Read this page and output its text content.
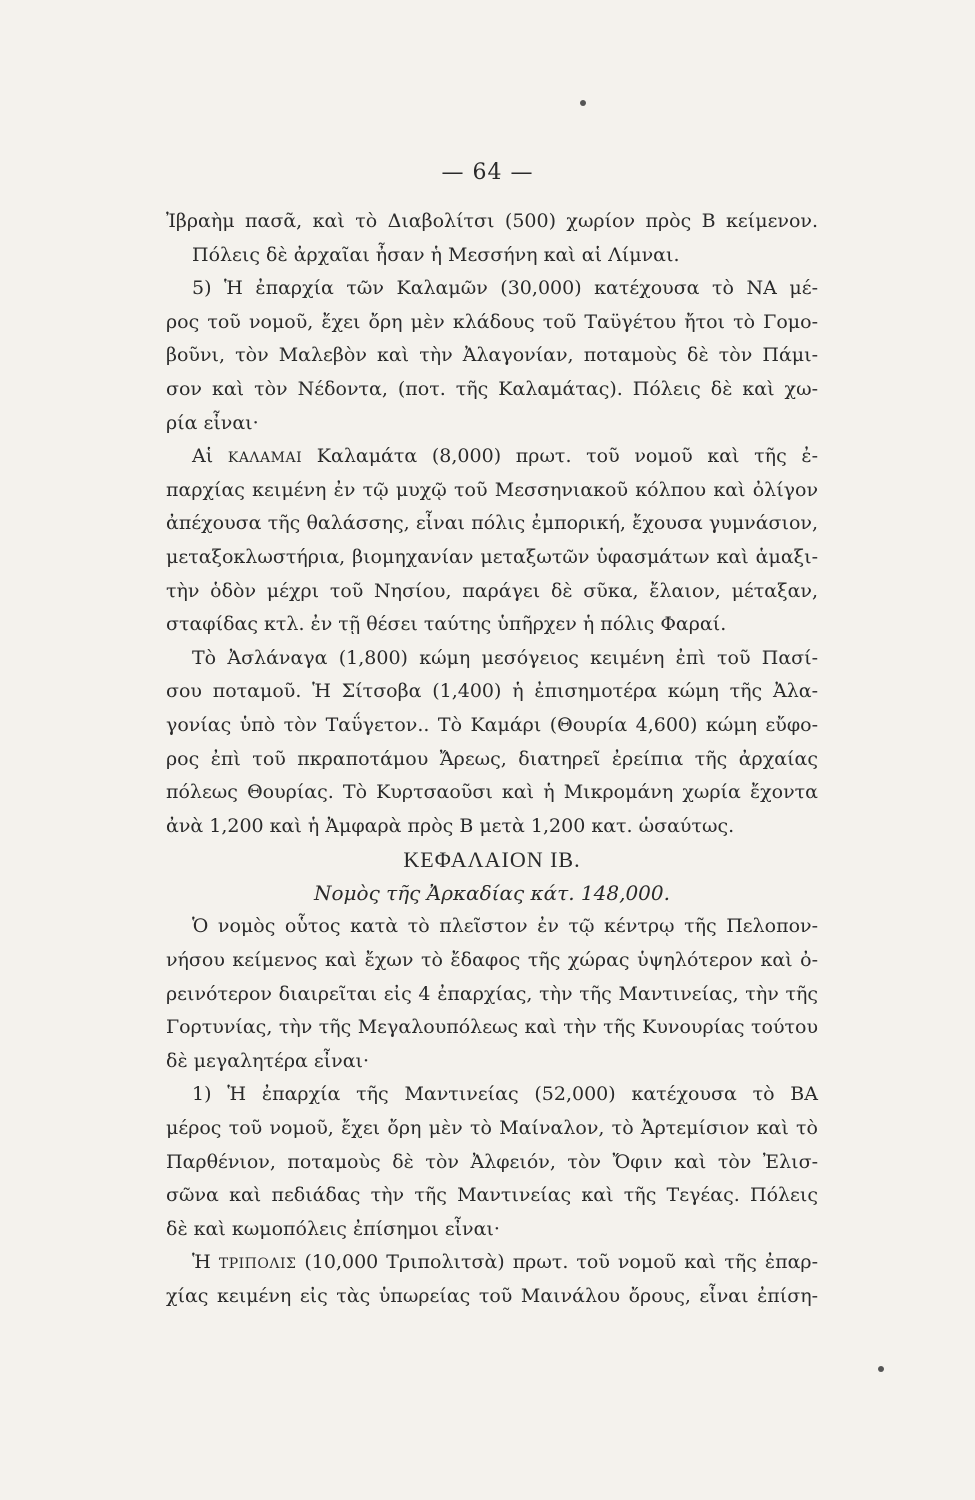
— 64 —
Ἰβραὴμ πασᾶ, καὶ τὸ Διαβολίτσι (500) χωρίον πρὸς Β κείμενον.
Πόλεις δὲ ἀρχαῖαι ἦσαν ἡ Μεσσήνη καὶ αἱ Λίμναι.
5) Ἡ ἐπαρχία τῶν Καλαμῶν (30,000) κατέχουσα τὸ ΝΑ μέ-
ρος τοῦ νομοῦ, ἔχει ὄρη μὲν κλάδους τοῦ Ταϋγέτου ἤτοι τὸ Γομο-
βοῦνι, τὸν Μαλεβὸν καὶ τὴν Ἀλαγονίαν, ποταμοὺς δὲ τὸν Πάμι-
σον καὶ τὸν Νέδοντα, (ποτ. τῆς Καλαμάτας). Πόλεις δὲ καὶ χω-
ρία εἶναι·
Αἱ ΚΑΛΑΜΑΙ Καλαμάτα (8,000) πρωτ. τοῦ νομοῦ καὶ τῆς ἐ-
παρχίας κειμένη ἐν τῷ μυχῷ τοῦ Μεσσηνιακοῦ κόλπου καὶ ὀλίγον
ἀπέχουσα τῆς θαλάσσης, εἶναι πόλις ἐμπορική, ἔχουσα γυμνάσιον,
μεταξοκλωστήρια, βιομηχανίαν μεταξωτῶν ὑφασμάτων καὶ ἁμαξι-
τὴν ὁδὸν μέχρι τοῦ Νησίου, παράγει δὲ σῦκα, ἔλαιον, μέταξαν,
σταφίδας κτλ. ἐν τῇ θέσει ταύτης ὑπῆρχεν ἡ πόλις Φαραί.
Τὸ Ἀσλάναγα (1,800) κώμη μεσόγειος κειμένη ἐπὶ τοῦ Πασί-
σου ποταμοῦ. Ἡ Σίτσοβα (1,400) ἡ ἐπισημοτέρα κώμη τῆς Ἀλα-
γονίας ὑπὸ τὸν Ταΰγετον.. Τὸ Καμάρι (Θουρία 4,600) κώμη εὔφο-
ρος ἐπὶ τοῦ πκραποτάμου Ἄρεως, διατηρεῖ ἐρείπια τῆς ἀρχαίας
πόλεως Θουρίας. Τὸ Κυρτσαοῦσι καὶ ἡ Μικρομάνη χωρία ἔχοντα
ἀνὰ 1,200 καὶ ἡ Ἀμφαρὰ πρὸς Β μετὰ 1,200 κατ. ὡσαύτως.
ΚΕΦΑΛΑΙΟΝ ΙΒ.
Νομὸς τῆς Ἀρκαδίας κάτ. 148,000.
Ὁ νομὸς οὗτος κατὰ τὸ πλεῖστον ἐν τῷ κέντρῳ τῆς Πελοπον-
νήσου κείμενος καὶ ἔχων τὸ ἔδαφος τῆς χώρας ὑψηλότερον καὶ ὀ-
ρεινότερον διαιρεῖται εἰς 4 ἐπαρχίας, τὴν τῆς Μαντινείας, τὴν τῆς
Γορτυνίας, τὴν τῆς Μεγαλουπόλεως καὶ τὴν τῆς Κυνουρίας τούτου
δὲ μεγαλητέρα εἶναι·
1) Ἡ ἐπαρχία τῆς Μαντινείας (52,000) κατέχουσα τὸ ΒΑ
μέρος τοῦ νομοῦ, ἔχει ὄρη μὲν τὸ Μαίναλον, τὸ Ἀρτεμίσιον καὶ τὸ
Παρθένιον, ποταμοὺς δὲ τὸν Ἀλφειόν, τὸν Ὄφιν καὶ τὸν Ἐλισ-
σῶνα καὶ πεδιάδας τὴν τῆς Μαντινείας καὶ τῆς Τεγέας. Πόλεις
δὲ καὶ κωμοπόλεις ἐπίσημοι εἶναι·
Ἡ ΤΡΙΠΟΛΙΣ (10,000 Τριπολιτσὰ) πρωτ. τοῦ νομοῦ καὶ τῆς ἐπαρ-
χίας κειμένη εἰς τὰς ὑπωρείας τοῦ Μαινάλου ὄρους, εἶναι ἐπίση-
